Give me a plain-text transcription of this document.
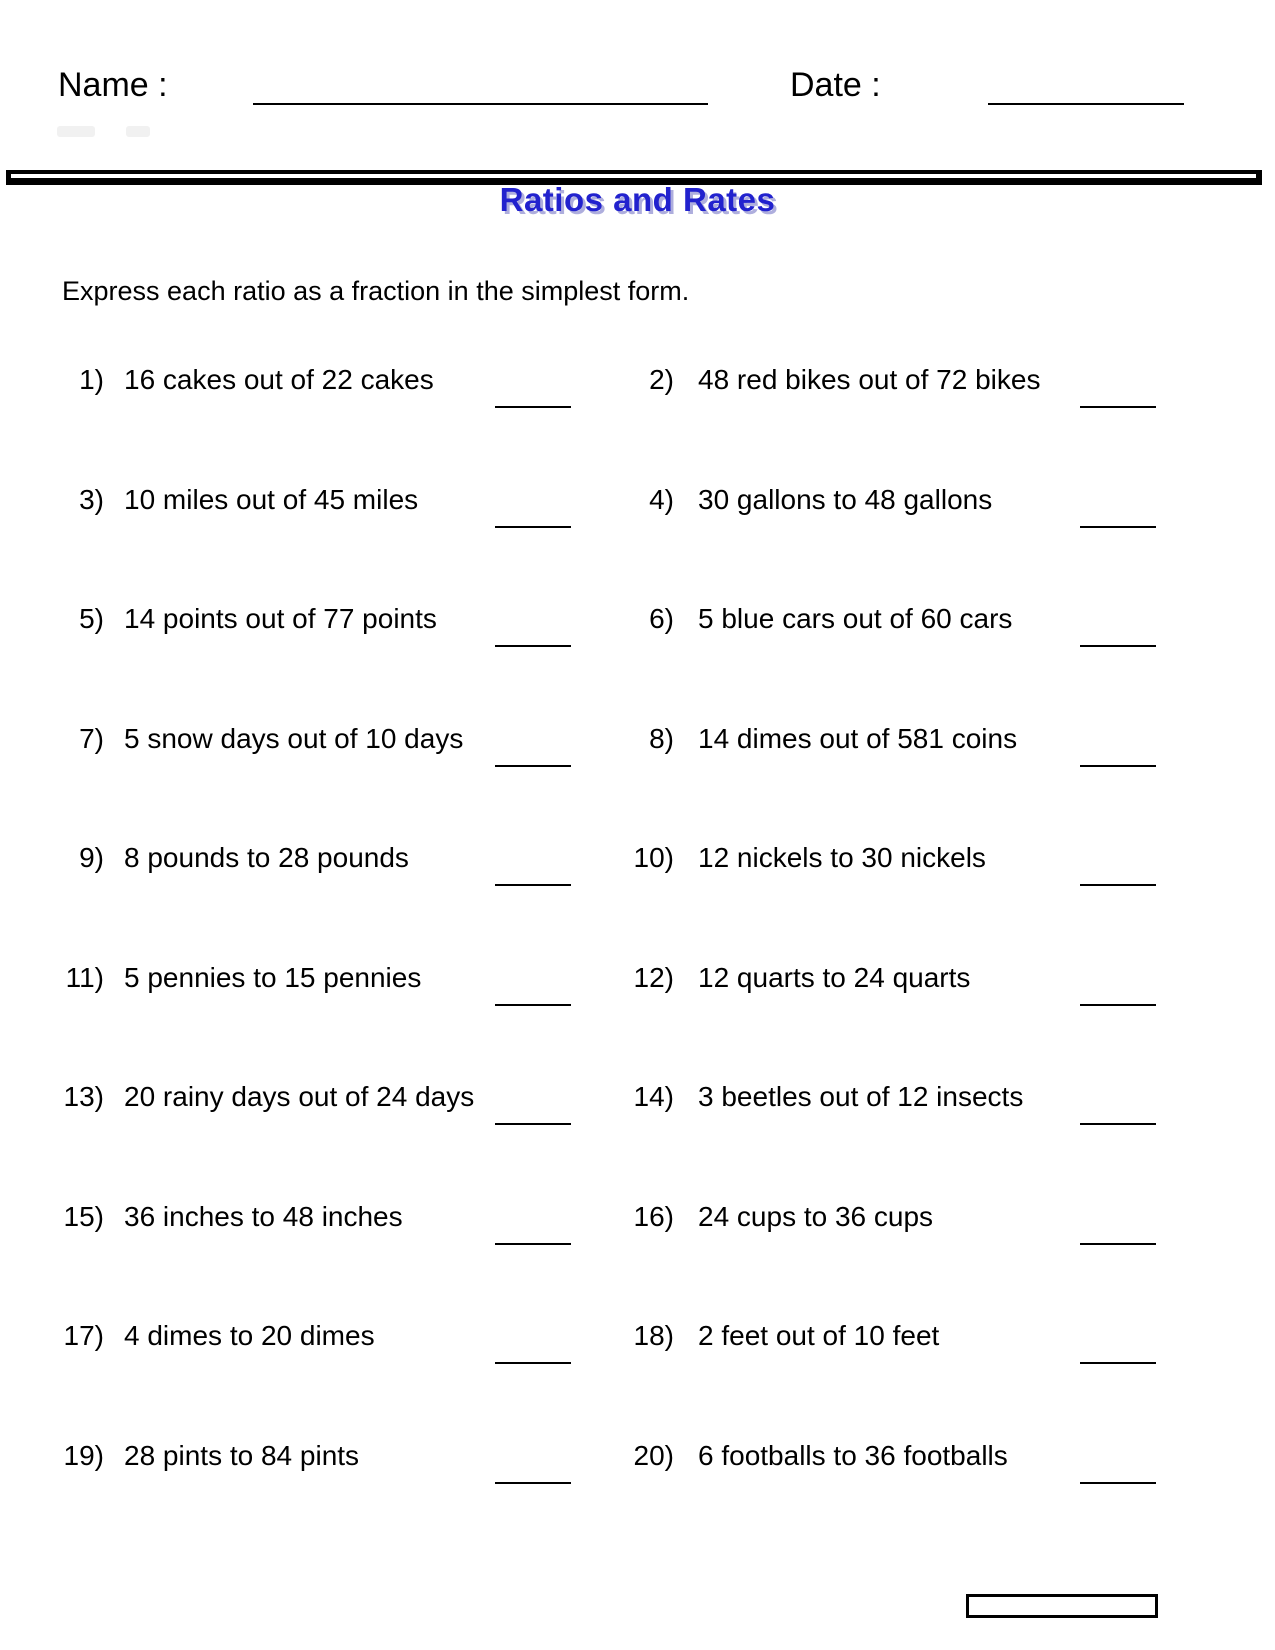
Name :	Date :
Ratios and Rates
Express each ratio as a fraction in the simplest form.
1) 16 cakes out of 22 cakes	2) 48 red bikes out of 72 bikes
3) 10 miles out of 45 miles	4) 30 gallons to 48 gallons
5) 14 points out of 77 points	6) 5 blue cars out of 60 cars
7) 5 snow days out of 10 days	8) 14 dimes out of 581 coins
9) 8 pounds to 28 pounds	10) 12 nickels to 30 nickels
11) 5 pennies to 15 pennies	12) 12 quarts to 24 quarts
13) 20 rainy days out of 24 days	14) 3 beetles out of 12 insects
15) 36 inches to 48 inches	16) 24 cups to 36 cups
17) 4 dimes to 20 dimes	18) 2 feet out of 10 feet
19) 28 pints to 84 pints	20) 6 footballs to 36 footballs
